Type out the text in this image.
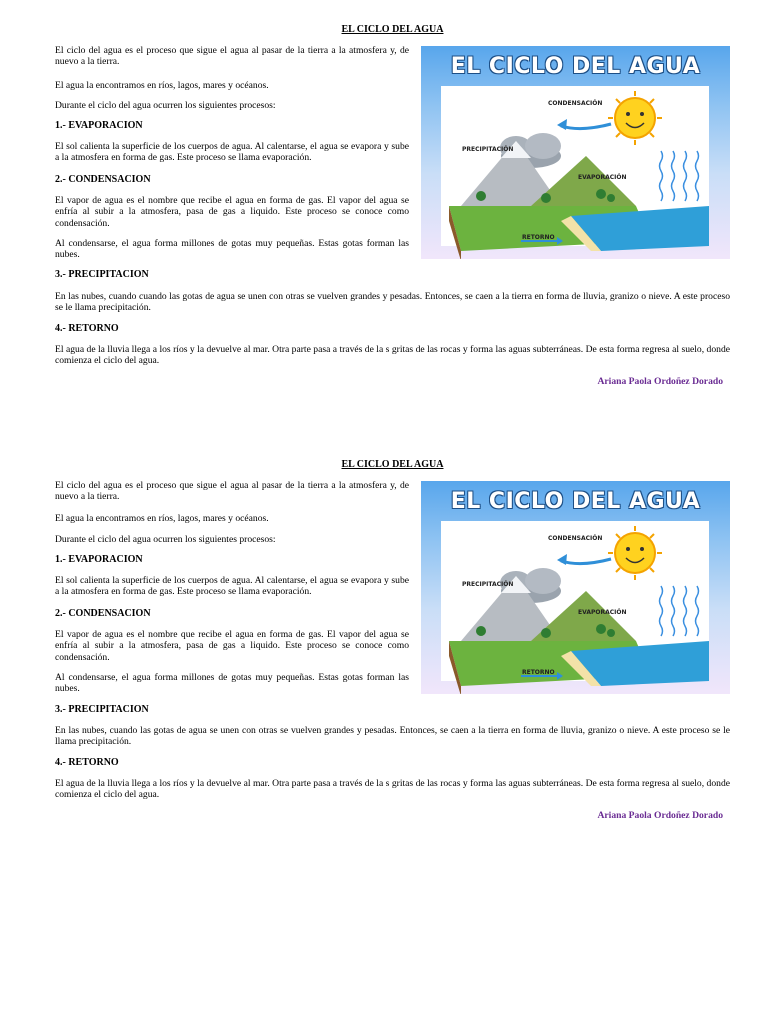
EL CICLO DEL AGUA

El ciclo del agua es el proceso que sigue el agua al pasar de la tierra a la atmosfera y, de nuevo a la tierra.

El agua la encontramos en ríos, lagos, mares y océanos.

Durante el ciclo del agua ocurren los siguientes procesos:

1.- EVAPORACION

El sol calienta la superficie de los cuerpos de agua. Al calentarse, el agua se evapora y sube a la atmosfera en forma de gas. Este proceso se llama evaporación.

2.- CONDENSACION

El vapor de agua es el nombre que recibe el agua en forma de gas. El vapor del agua se enfría al subir a la atmosfera, pasa de gas a liquido. Este proceso se conoce como condensación.

Al condensarse, el agua forma millones de gotas muy pequeñas. Estas gotas forman las nubes.

3.- PRECIPITACION

En las nubes, cuando cuando las gotas de agua se unen con otras se vuelven grandes y pesadas. Entonces, se caen a la tierra en forma de lluvia, granizo o nieve. A este proceso se le llama precipitación.

4.- RETORNO

El agua de la lluvia llega a los ríos y la devuelve al mar. Otra parte pasa a través de la s gritas de las rocas y forma las aguas subterráneas. De esta forma regresa al suelo, donde comienza el ciclo del agua.

Ariana Paola Ordoñez Dorado
EL CICLO DEL AGUA
CONDENSACIÓN
PRECIPITACIÓN
EVAPORACIÓN
RETORNO
EL CICLO DEL AGUA

El ciclo del agua es el proceso que sigue el agua al pasar de la tierra a la atmosfera y, de nuevo a la tierra.

El agua la encontramos en ríos, lagos, mares y océanos.

Durante el ciclo del agua ocurren los siguientes procesos:

1.- EVAPORACION

El sol calienta la superficie de los cuerpos de agua. Al calentarse, el agua se evapora y sube a la atmosfera en forma de gas. Este proceso se llama evaporación.

2.- CONDENSACION

El vapor de agua es el nombre que recibe el agua en forma de gas. El vapor del agua se enfría al subir a la atmosfera, pasa de gas a liquido. Este proceso se conoce como condensación.

Al condensarse, el agua forma millones de gotas muy pequeñas. Estas gotas forman las nubes.

3.- PRECIPITACION

En las nubes, cuando las gotas de agua se unen con otras se vuelven grandes y pesadas. Entonces, se caen a la tierra en forma de lluvia, granizo o nieve. A este proceso se le llama precipitación.

4.- RETORNO

El agua de la lluvia llega a los ríos y la devuelve al mar. Otra parte pasa a través de la s gritas de las rocas y forma las aguas subterráneas. De esta forma regresa al suelo, donde comienza el ciclo del agua.

Ariana Paola Ordoñez Dorado
EL CICLO DEL AGUA
CONDENSACIÓN
PRECIPITACIÓN
EVAPORACIÓN
RETORNO
